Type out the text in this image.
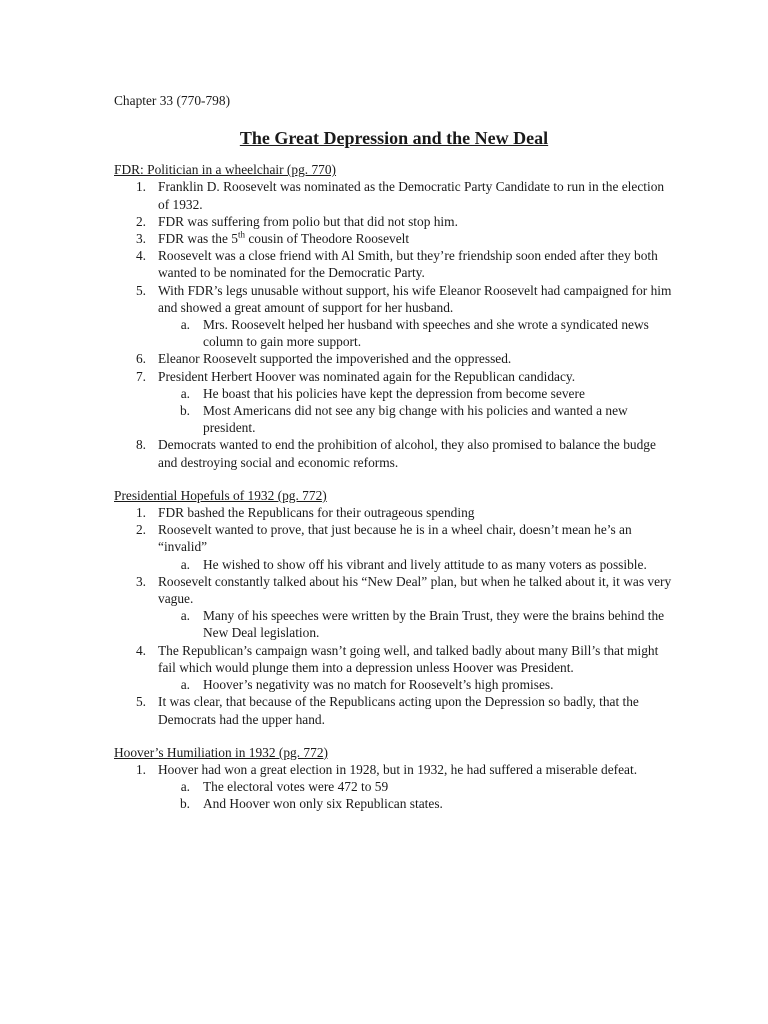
Chapter 33 (770-798)
The Great Depression and the New Deal
FDR: Politician in a wheelchair (pg. 770)
1. Franklin D. Roosevelt was nominated as the Democratic Party Candidate to run in the election of 1932.
2. FDR was suffering from polio but that did not stop him.
3. FDR was the 5th cousin of Theodore Roosevelt
4. Roosevelt was a close friend with Al Smith, but they’re friendship soon ended after they both wanted to be nominated for the Democratic Party.
5. With FDR’s legs unusable without support, his wife Eleanor Roosevelt had campaigned for him and showed a great amount of support for her husband.
a. Mrs. Roosevelt helped her husband with speeches and she wrote a syndicated news column to gain more support.
6. Eleanor Roosevelt supported the impoverished and the oppressed.
7. President Herbert Hoover was nominated again for the Republican candidacy.
a. He boast that his policies have kept the depression from become severe
b. Most Americans did not see any big change with his policies and wanted a new president.
8. Democrats wanted to end the prohibition of alcohol, they also promised to balance the budge and destroying social and economic reforms.
Presidential Hopefuls of 1932 (pg. 772)
1. FDR bashed the Republicans for their outrageous spending
2. Roosevelt wanted to prove, that just because he is in a wheel chair, doesn’t mean he’s an “invalid”
a. He wished to show off his vibrant and lively attitude to as many voters as possible.
3. Roosevelt constantly talked about his “New Deal” plan, but when he talked about it, it was very vague.
a. Many of his speeches were written by the Brain Trust, they were the brains behind the New Deal legislation.
4. The Republican’s campaign wasn’t going well, and talked badly about many Bill’s that might fail which would plunge them into a depression unless Hoover was President.
a. Hoover’s negativity was no match for Roosevelt’s high promises.
5. It was clear, that because of the Republicans acting upon the Depression so badly, that the Democrats had the upper hand.
Hoover’s Humiliation in 1932 (pg. 772)
1. Hoover had won a great election in 1928, but in 1932, he had suffered a miserable defeat.
a. The electoral votes were 472 to 59
b. And Hoover won only six Republican states.
